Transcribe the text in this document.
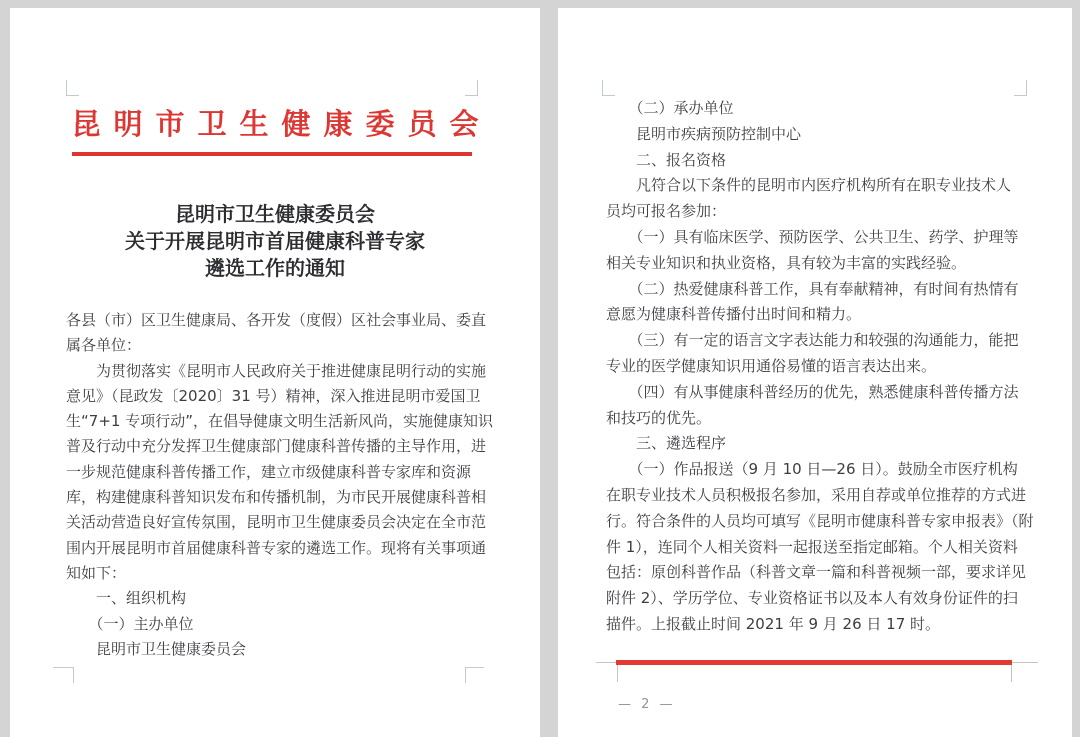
昆明市卫生健康委员会
昆明市卫生健康委员会
关于开展昆明市首届健康科普专家
遴选工作的通知
各县（市）区卫生健康局、各开发（度假）区社会事业局、委直
属各单位：
　　为贯彻落实《昆明市人民政府关于推进健康昆明行动的实施
意见》（昆政发〔2020〕31 号）精神，深入推进昆明市爱国卫
生“7+1 专项行动”，在倡导健康文明生活新风尚，实施健康知识
普及行动中充分发挥卫生健康部门健康科普传播的主导作用，进
一步规范健康科普传播工作，建立市级健康科普专家库和资源
库，构建健康科普知识发布和传播机制，为市民开展健康科普相
关活动营造良好宣传氛围，昆明市卫生健康委员会决定在全市范
围内开展昆明市首届健康科普专家的遴选工作。现将有关事项通
知如下：
　　一、组织机构
　　（一）主办单位
　　昆明市卫生健康委员会
　　（二）承办单位
　　昆明市疾病预防控制中心
　　二、报名资格
　　凡符合以下条件的昆明市内医疗机构所有在职专业技术人
员均可报名参加：
　　（一）具有临床医学、预防医学、公共卫生、药学、护理等
相关专业知识和执业资格，具有较为丰富的实践经验。
　　（二）热爱健康科普工作，具有奉献精神，有时间有热情有
意愿为健康科普传播付出时间和精力。
　　（三）有一定的语言文字表达能力和较强的沟通能力，能把
专业的医学健康知识用通俗易懂的语言表达出来。
　　（四）有从事健康科普经历的优先，熟悉健康科普传播方法
和技巧的优先。
　　三、遴选程序
　　（一）作品报送（9 月 10 日—26 日）。鼓励全市医疗机构
在职专业技术人员积极报名参加，采用自荐或单位推荐的方式进
行。符合条件的人员均可填写《昆明市健康科普专家申报表》（附
件 1），连同个人相关资料一起报送至指定邮箱。个人相关资料
包括：原创科普作品（科普文章一篇和科普视频一部，要求详见
附件 2）、学历学位、专业资格证书以及本人有效身份证件的扫
描件。上报截止时间 2021 年 9 月 26 日 17 时。
— 2 —
